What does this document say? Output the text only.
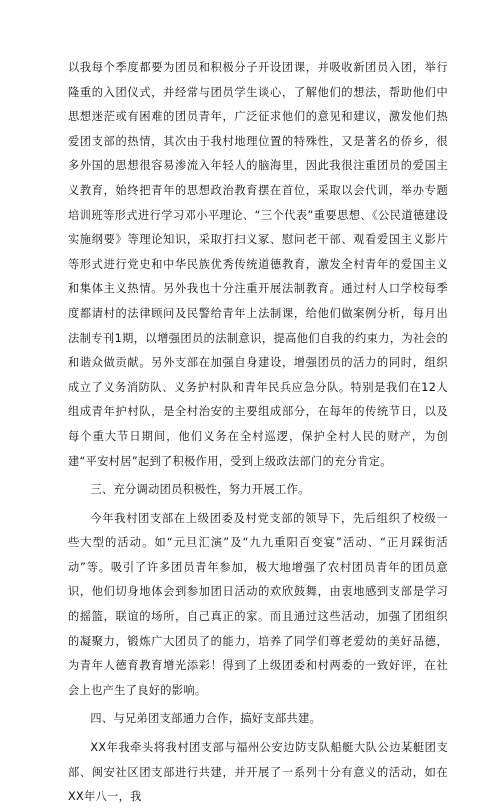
以我每个季度都要为团员和积极分子开设团课，并吸收新团员入团，举行隆重的入团仪式，并经常与团员学生谈心，了解他们的想法，帮助他们中思想迷茫或有困难的团员青年，广泛征求他们的意见和建议，激发他们热爱团支部的热情，其次由于我村地理位置的特殊性，又是著名的侨乡，很多外国的思想很容易渗流入年轻人的脑海里，因此我很注重团员的爱国主义教育，始终把青年的思想政治教育摆在首位，采取以会代训，举办专题培训班等形式进行学习邓小平理论、“三个代表”重要思想、《公民道德建设实施纲要》等理论知识，采取打扫义冢、慰问老干部、观看爱国主义影片等形式进行党史和中华民族优秀传统道德教育，激发全村青年的爱国主义和集体主义热情。另外我也十分注重开展法制教育。通过村人口学校每季度都请村的法律顾问及民警给青年上法制课，给他们做案例分析，每月出法制专刊1期，以增强团员的法制意识，提高他们自我的约束力，为社会的和谐众做贡献。另外支部在加强自身建设，增强团员的活力的同时，组织成立了义务消防队、义务护村队和青年民兵应急分队。特别是我们在12人组成青年护村队，是全村治安的主要组成部分，在每年的传统节日，以及每个重大节日期间，他们义务在全村巡逻，保护全村人民的财产，为创建“平安村居”起到了积极作用，受到上级政法部门的充分肯定。

三、充分调动团员积极性，努力开展工作。

今年我村团支部在上级团委及村党支部的领导下，先后组织了校级一些大型的活动。如“元旦汇演”及“九九重阳百变宴”活动、“正月踩街活动”等。吸引了许多团员青年参加，极大地增强了农村团员青年的团员意识，他们切身地体会到参加团日活动的欢欣鼓舞，由衷地感到支部是学习的摇篮，联谊的场所，自己真正的家。而且通过这些活动，加强了团组织的凝聚力，锻炼广大团员了的能力，培养了同学们尊老爱幼的美好品德，为青年人德育教育增光添彩！得到了上级团委和村两委的一致好评，在社会上也产生了良好的影响。

四、与兄弟团支部通力合作，搞好支部共建。

XX年我牵头将我村团支部与福州公安边防支队船艇大队公边某艇团支部、闽安社区团支部进行共建，并开展了一系列十分有意义的活动，如在XX年八一，我
